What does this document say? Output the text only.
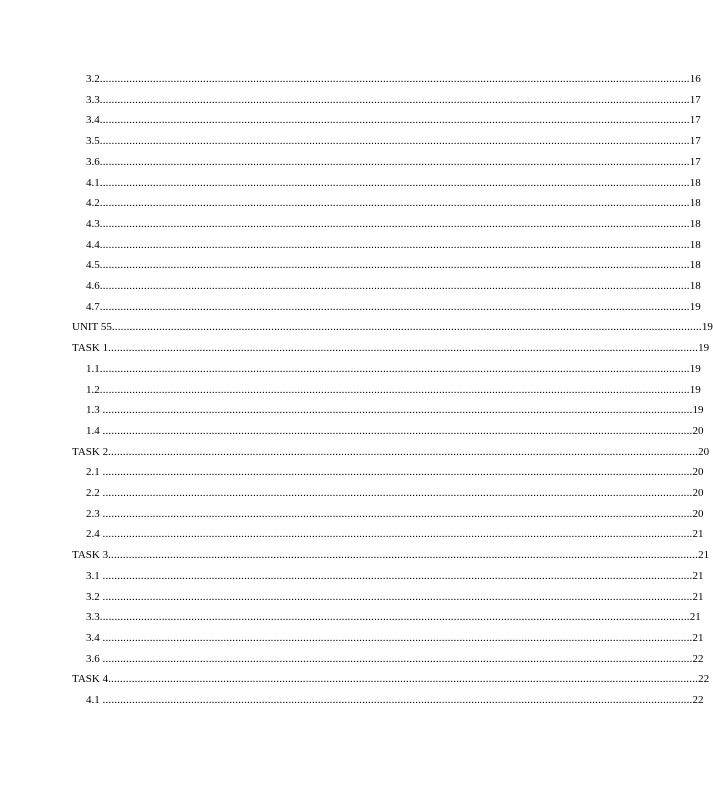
3.2 ........................................................................................................................................................................................................ 16
3.3 ........................................................................................................................................................................................................ 17
3.4 ........................................................................................................................................................................................................ 17
3.5 ........................................................................................................................................................................................................ 17
3.6 ........................................................................................................................................................................................................ 17
4.1 ........................................................................................................................................................................................................ 18
4.2 ........................................................................................................................................................................................................ 18
4.3 ........................................................................................................................................................................................................ 18
4.4 ........................................................................................................................................................................................................ 18
4.5 ........................................................................................................................................................................................................ 18
4.6 ........................................................................................................................................................................................................ 18
4.7 ........................................................................................................................................................................................................ 19
UNIT 55 ........................................................................................................................................................................................................ 19
TASK 1 ........................................................................................................................................................................................................ 19
1.1 ........................................................................................................................................................................................................ 19
1.2 ........................................................................................................................................................................................................ 19
1.3 ........................................................................................................................................................................................................ 19
1.4 ........................................................................................................................................................................................................ 20
TASK 2 ........................................................................................................................................................................................................ 20
2.1 ........................................................................................................................................................................................................ 20
2.2 ........................................................................................................................................................................................................ 20
2.3 ........................................................................................................................................................................................................ 20
2.4 ........................................................................................................................................................................................................ 21
TASK 3 ........................................................................................................................................................................................................ 21
3.1 ........................................................................................................................................................................................................ 21
3.2 ........................................................................................................................................................................................................ 21
3.3 ........................................................................................................................................................................................................ 21
3.4 ........................................................................................................................................................................................................ 21
3.6 ........................................................................................................................................................................................................ 22
TASK 4 ........................................................................................................................................................................................................ 22
4.1 ........................................................................................................................................................................................................ 22
